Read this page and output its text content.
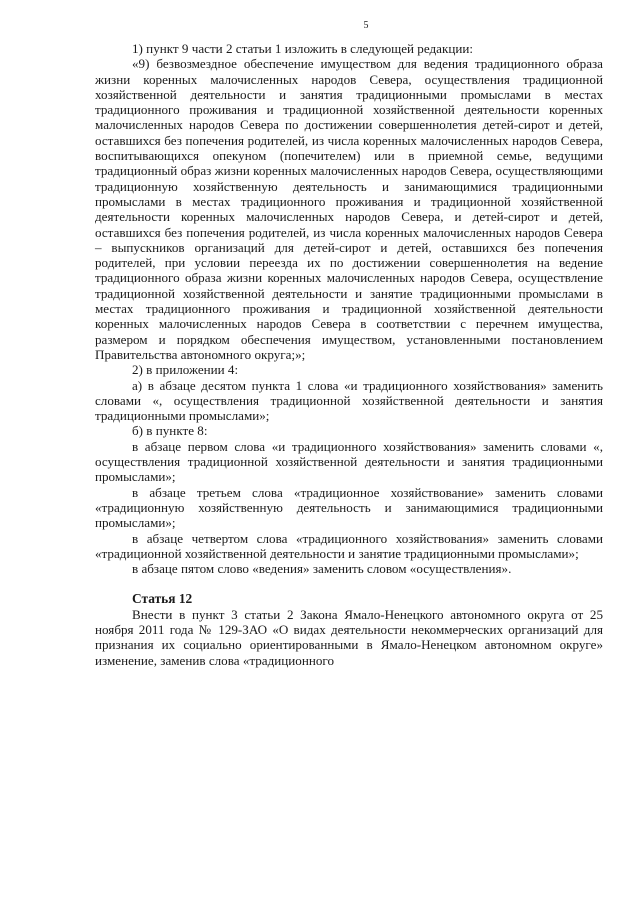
5

1) пункт 9 части 2 статьи 1 изложить в следующей редакции:

«9) безвозмездное обеспечение имуществом для ведения традиционного образа жизни коренных малочисленных народов Севера, осуществления традиционной хозяйственной деятельности и занятия традиционными промыслами в местах традиционного проживания и традиционной хозяйственной деятельности коренных малочисленных народов Севера по достижении совершеннолетия детей-сирот и детей, оставшихся без попечения родителей, из числа коренных малочисленных народов Севера, воспитывающихся опекуном (попечителем) или в приемной семье, ведущими традиционный образ жизни коренных малочисленных народов Севера, осуществляющими традиционную хозяйственную деятельность и занимающимися традиционными промыслами в местах традиционного проживания и традиционной хозяйственной деятельности коренных малочисленных народов Севера, и детей-сирот и детей, оставшихся без попечения родителей, из числа коренных малочисленных народов Севера – выпускников организаций для детей-сирот и детей, оставшихся без попечения родителей, при условии переезда их по достижении совершеннолетия на ведение традиционного образа жизни коренных малочисленных народов Севера, осуществление традиционной хозяйственной деятельности и занятие традиционными промыслами в местах традиционного проживания и традиционной хозяйственной деятельности коренных малочисленных народов Севера в соответствии с перечнем имущества, размером и порядком обеспечения имуществом, установленными постановлением Правительства автономного округа;»;

2) в приложении 4:

а) в абзаце десятом пункта 1 слова «и традиционного хозяйствования» заменить словами «, осуществления традиционной хозяйственной деятельности и занятия традиционными промыслами»;

б) в пункте 8:

в абзаце первом слова «и традиционного хозяйствования» заменить словами «, осуществления традиционной хозяйственной деятельности и занятия традиционными промыслами»;

в абзаце третьем слова «традиционное хозяйствование» заменить словами «традиционную хозяйственную деятельность и занимающимися традиционными промыслами»;

в абзаце четвертом слова «традиционного хозяйствования» заменить словами «традиционной хозяйственной деятельности и занятие традиционными промыслами»;

в абзаце пятом слово «ведения» заменить словом «осуществления».

Статья 12

Внести в пункт 3 статьи 2 Закона Ямало-Ненецкого автономного округа от 25 ноября 2011 года № 129-ЗАО «О видах деятельности некоммерческих организаций для признания их социально ориентированными в Ямало-Ненецком автономном округе» изменение, заменив слова «традиционного
